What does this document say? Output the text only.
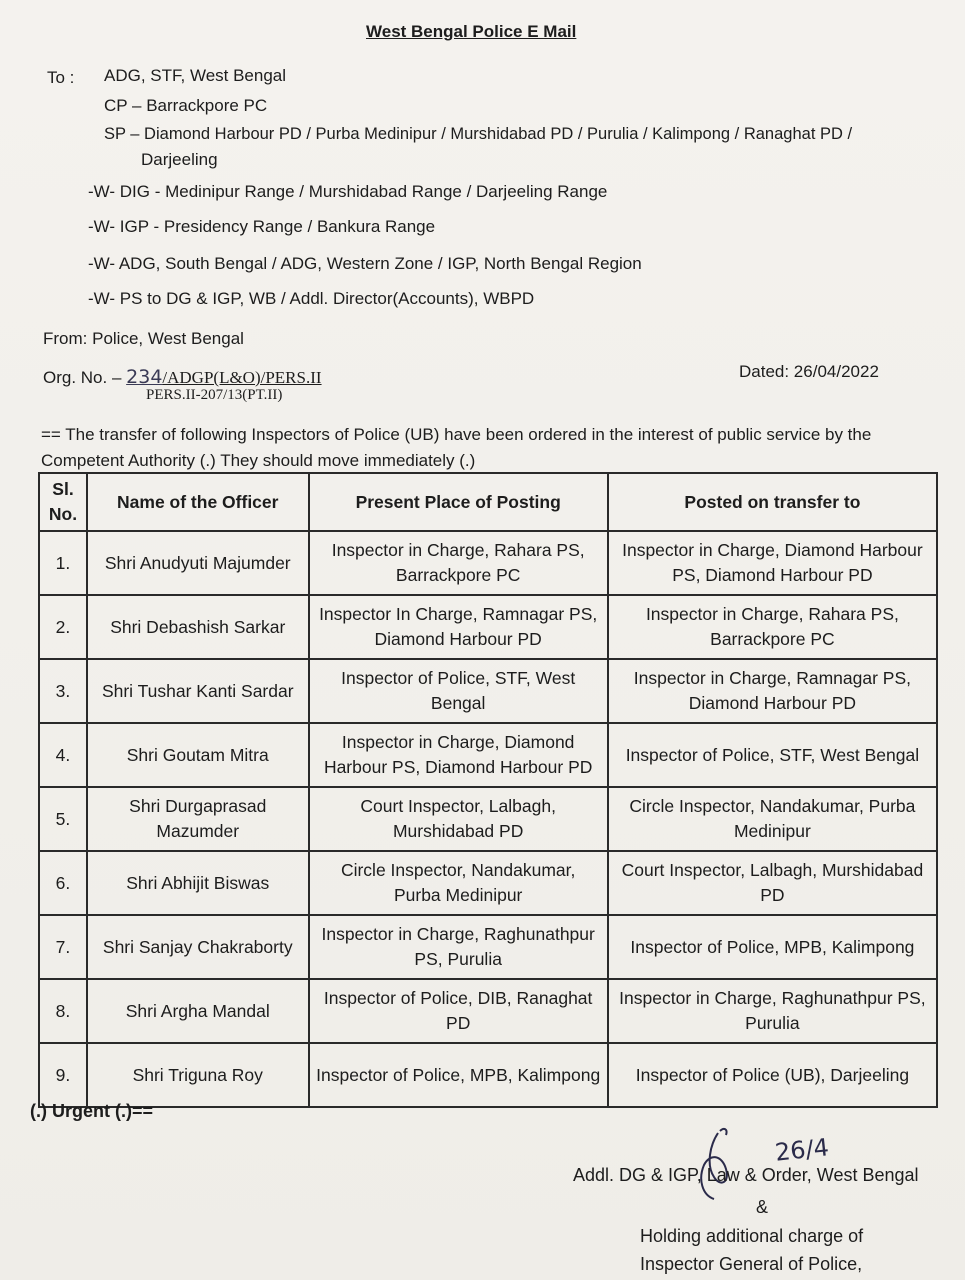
West Bengal Police E Mail
To : ADG, STF, West Bengal
CP – Barrackpore PC
SP – Diamond Harbour PD / Purba Medinipur / Murshidabad PD / Purulia / Kalimpong / Ranaghat PD /
Darjeeling
-W- DIG - Medinipur Range / Murshidabad Range / Darjeeling Range
-W- IGP - Presidency Range / Bankura Range
-W- ADG, South Bengal / ADG, Western Zone / IGP, North Bengal Region
-W- PS to DG & IGP, WB / Addl. Director(Accounts), WBPD
From: Police, West Bengal
Org. No. – 234/ADGP(L&O)/PERS.II
PERS.II-207/13(PT.II)
Dated: 26/04/2022
== The transfer of following Inspectors of Police (UB) have been ordered in the interest of public service by the Competent Authority (.) They should move immediately (.)
Sl. No.	Name of the Officer	Present Place of Posting	Posted on transfer to
1.	Shri Anudyuti Majumder	Inspector in Charge, Rahara PS, Barrackpore PC	Inspector in Charge, Diamond Harbour PS, Diamond Harbour PD
2.	Shri Debashish Sarkar	Inspector In Charge, Ramnagar PS, Diamond Harbour PD	Inspector in Charge, Rahara PS, Barrackpore PC
3.	Shri Tushar Kanti Sardar	Inspector of Police, STF, West Bengal	Inspector in Charge, Ramnagar PS, Diamond Harbour PD
4.	Shri Goutam Mitra	Inspector in Charge, Diamond Harbour PS, Diamond Harbour PD	Inspector of Police, STF, West Bengal
5.	Shri Durgaprasad Mazumder	Court Inspector, Lalbagh, Murshidabad PD	Circle Inspector, Nandakumar, Purba Medinipur
6.	Shri Abhijit Biswas	Circle Inspector, Nandakumar, Purba Medinipur	Court Inspector, Lalbagh, Murshidabad PD
7.	Shri Sanjay Chakraborty	Inspector in Charge, Raghunathpur PS, Purulia	Inspector of Police, MPB, Kalimpong
8.	Shri Argha Mandal	Inspector of Police, DIB, Ranaghat PD	Inspector in Charge, Raghunathpur PS, Purulia
9.	Shri Triguna Roy	Inspector of Police, MPB, Kalimpong	Inspector of Police (UB), Darjeeling
(.) Urgent (.)==
26/4
Addl. DG & IGP, Law & Order, West Bengal
&
Holding additional charge of
Inspector General of Police,
